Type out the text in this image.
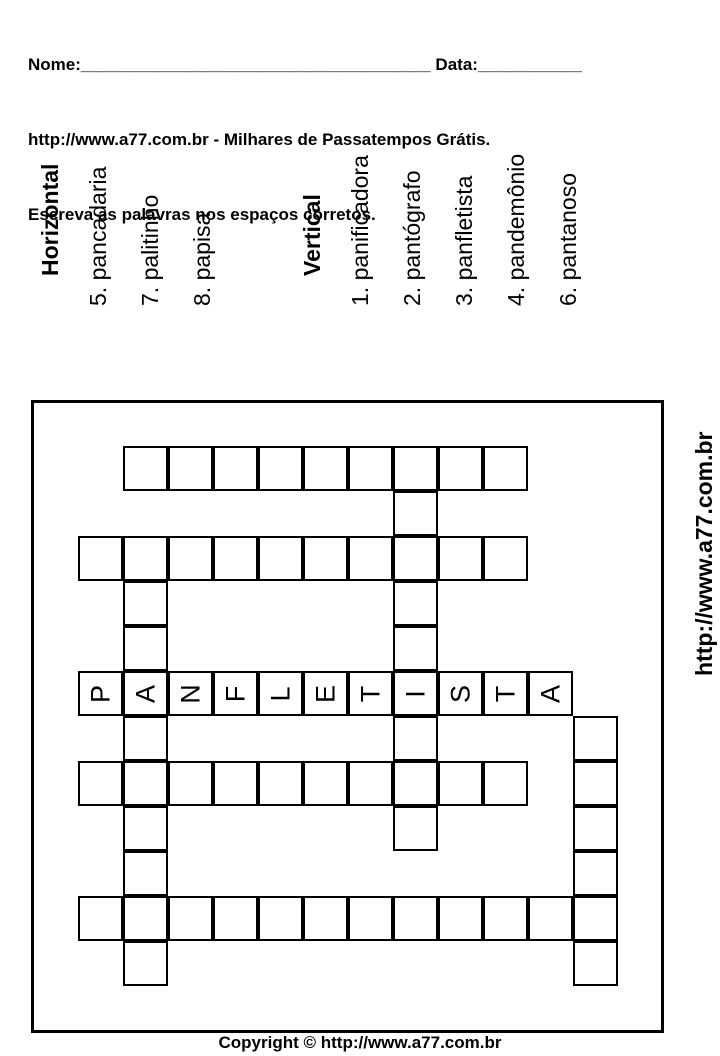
Nome:_____________________________________ Data:___________

http://www.a77.com.br - Milhares de Passatempos Grátis.

Escreva as palavras nos espaços corretos.

Horizontal 5. pancadaria 7. palitinho 8. papisa	Vertical 1. panificadora 2. pantógrafo 3. panfletista 4. pandemônio 6. pantanoso
http://www.a77.com.br
P A N F L E T I S T A
Copyright © http://www.a77.com.br
